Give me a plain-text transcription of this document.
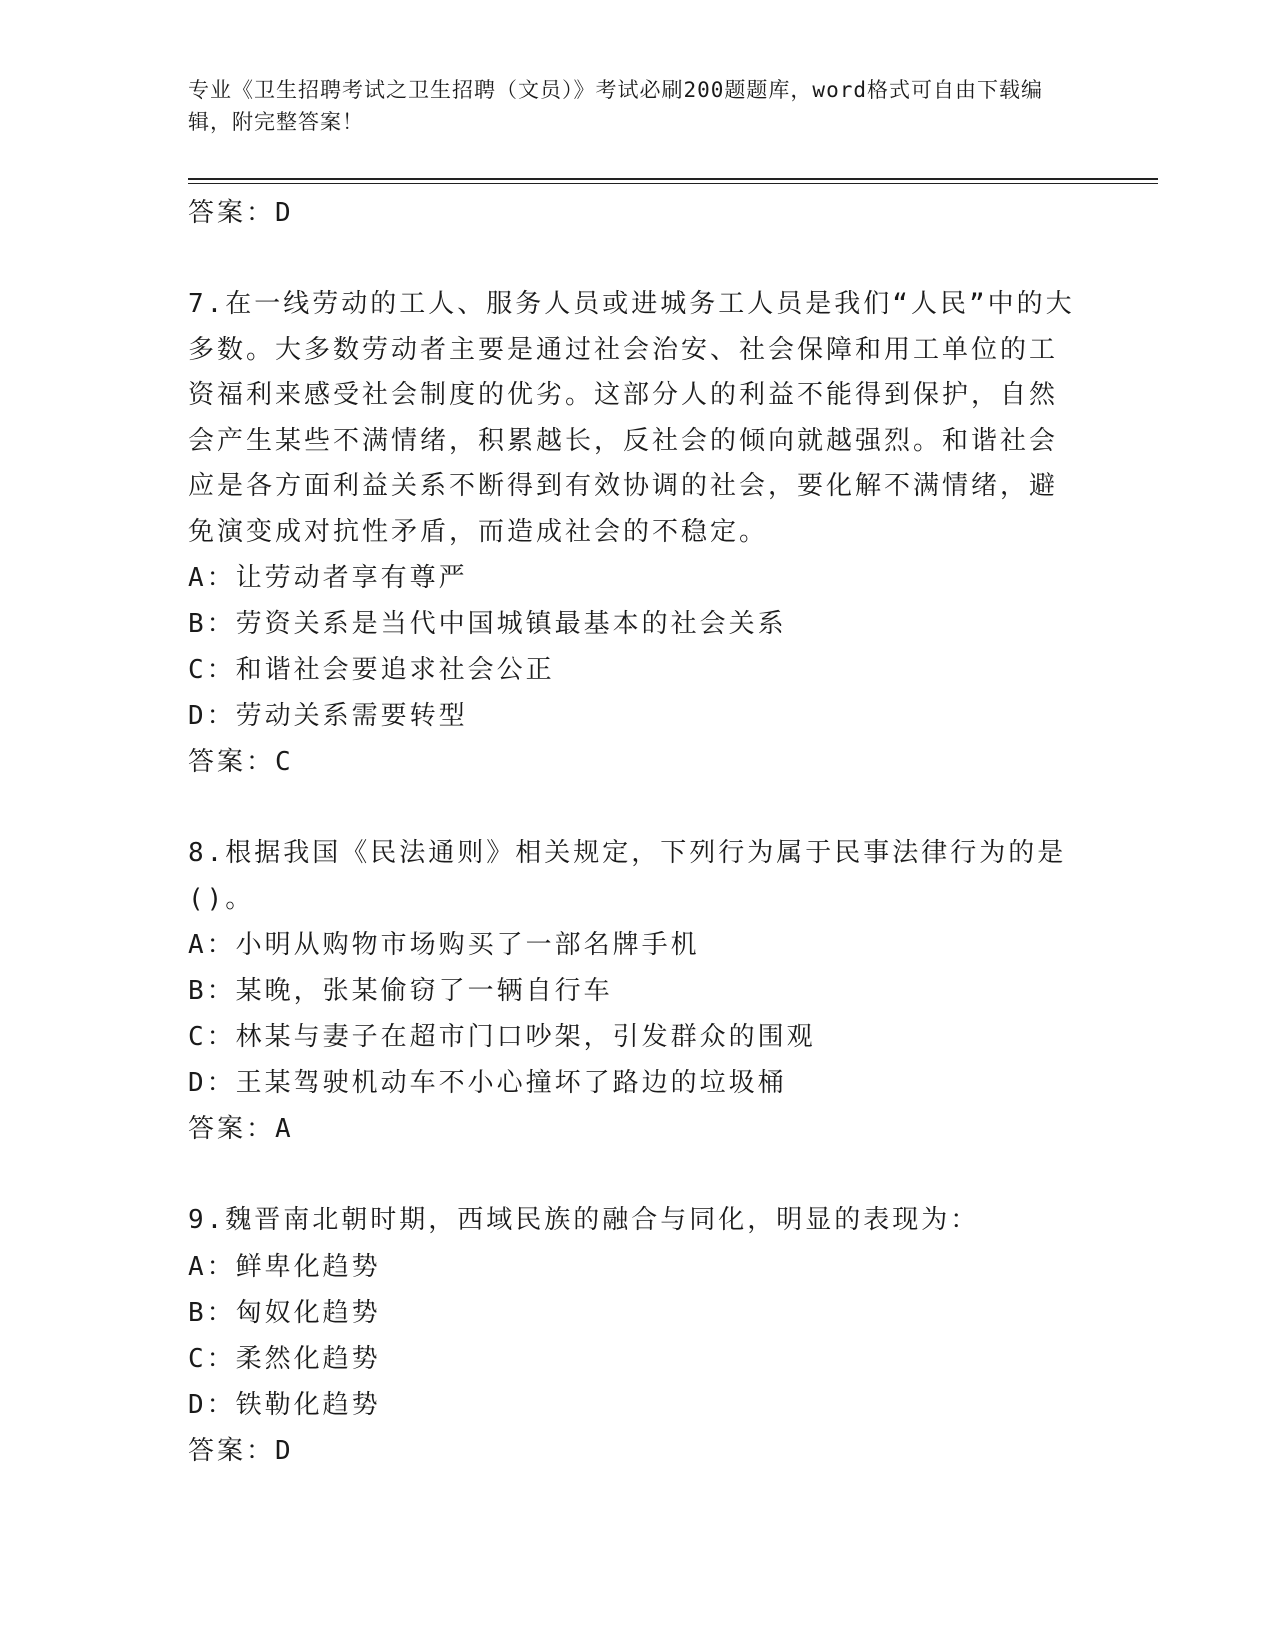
专业《卫生招聘考试之卫生招聘（文员）》考试必刷200题题库，word格式可自由下载编辑，附完整答案！
答案：D
7.在一线劳动的工人、服务人员或进城务工人员是我们“人民”中的大多数。大多数劳动者主要是通过社会治安、社会保障和用工单位的工资福利来感受社会制度的优劣。这部分人的利益不能得到保护，自然会产生某些不满情绪，积累越长，反社会的倾向就越强烈。和谐社会应是各方面利益关系不断得到有效协调的社会，要化解不满情绪，避免演变成对抗性矛盾，而造成社会的不稳定。
A：让劳动者享有尊严
B：劳资关系是当代中国城镇最基本的社会关系
C：和谐社会要追求社会公正
D：劳动关系需要转型
答案：C
8.根据我国《民法通则》相关规定，下列行为属于民事法律行为的是()。
A：小明从购物市场购买了一部名牌手机
B：某晚，张某偷窃了一辆自行车
C：林某与妻子在超市门口吵架，引发群众的围观
D：王某驾驶机动车不小心撞坏了路边的垃圾桶
答案：A
9.魏晋南北朝时期，西域民族的融合与同化，明显的表现为：
A：鲜卑化趋势
B：匈奴化趋势
C：柔然化趋势
D：铁勒化趋势
答案：D
